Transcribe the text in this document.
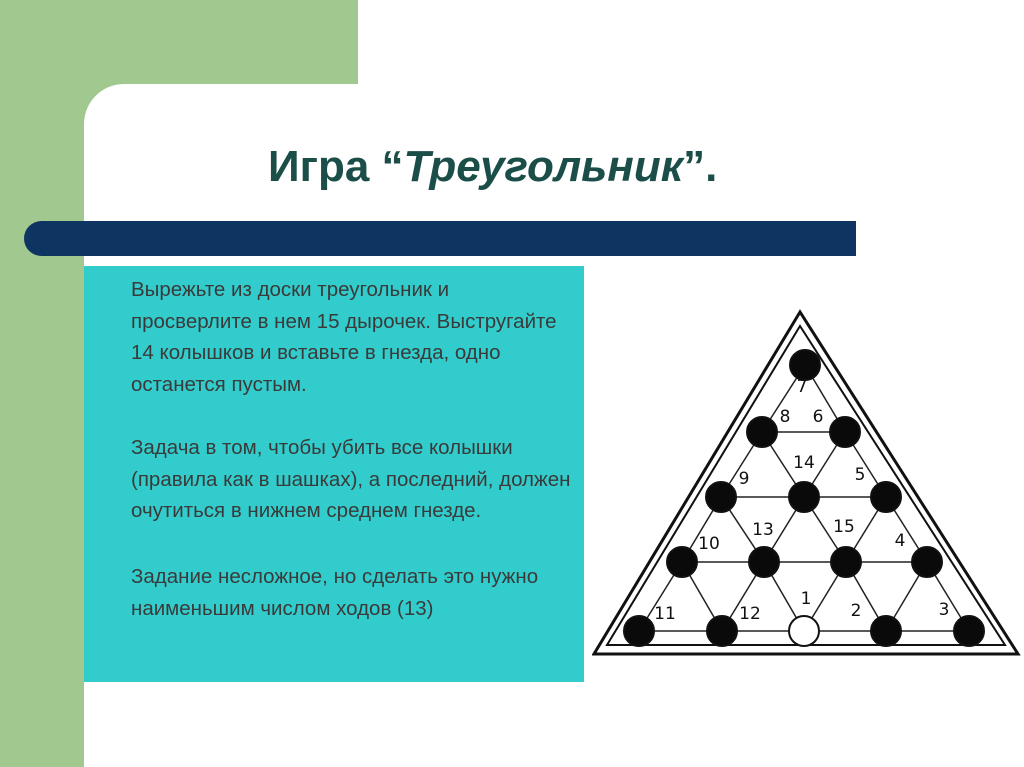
Игра “Треугольник”.

Вырежьте из доски треугольник и просверлите в нем 15 дырочек. Выстругайте 14 колышков и вставьте в гнезда, одно останется пустым.

Задача в том, чтобы убить все колышки (правила как в шашках), а последний, должен очутиться в нижнем среднем гнезде.

Задание несложное, но сделать это нужно наименьшим числом ходов (13)

7
8 6
9
14
5
10
13	15
4
11	12
1
2	3
